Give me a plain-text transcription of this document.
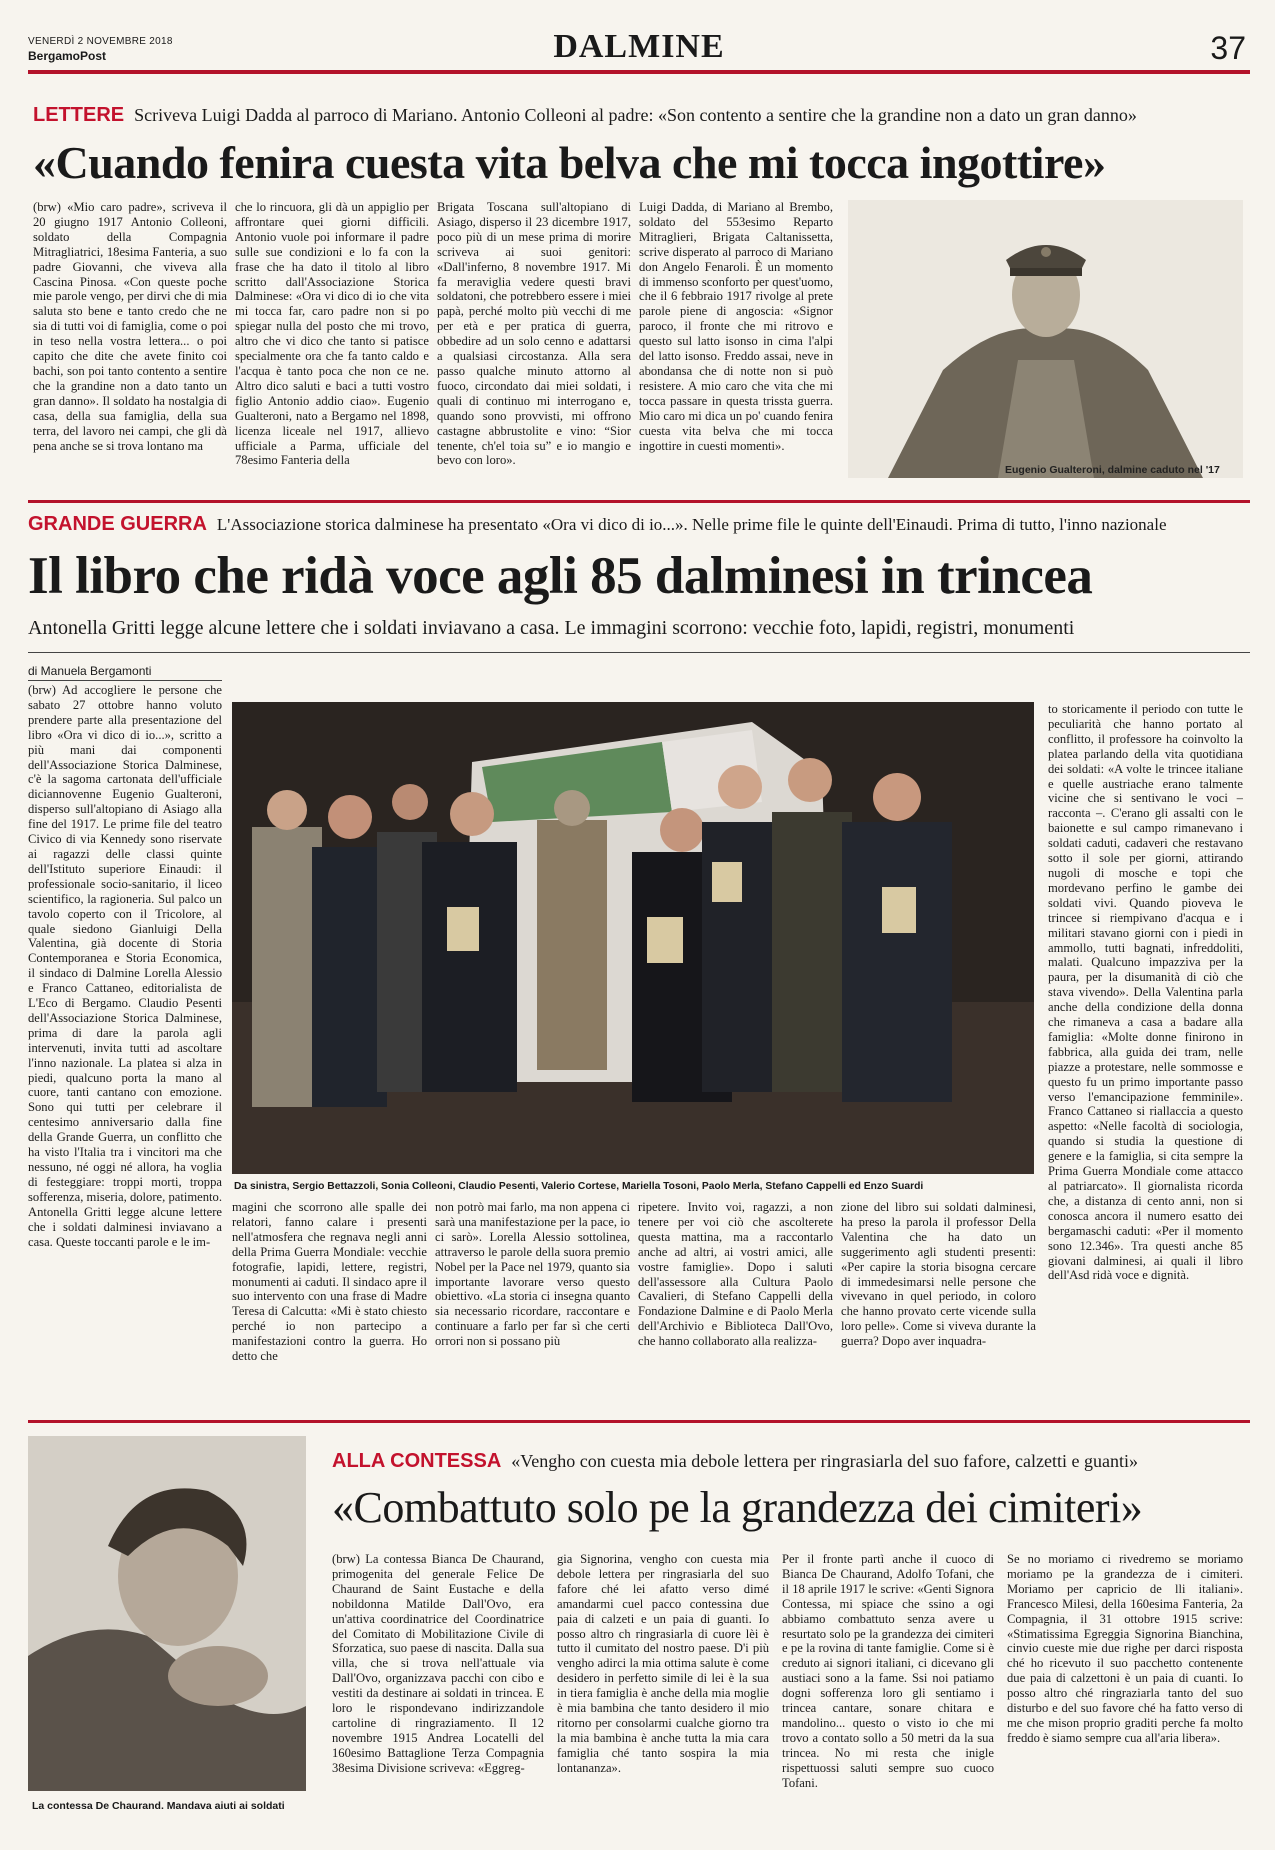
VENERDÌ 2 NOVEMBRE 2018
BergamoPost	DALMINE	37
LETTERE Scriveva Luigi Dadda al parroco di Mariano. Antonio Colleoni al padre: «Son contento a sentire che la grandine non a dato un gran danno»
«Cuando fenira cuesta vita belva che mi tocca ingottire»
(brw) «Mio caro padre», scriveva il 20 giugno 1917 Antonio Colleoni, soldato della Compagnia Mitragliatrici, 18esima Fanteria, a suo padre Giovanni, che viveva alla Cascina Pinosa. «Con queste poche mie parole vengo, per dirvi che di mia saluta sto bene e tanto credo che ne sia di tutti voi di famiglia, come o poi in teso nella vostra lettera... o poi capito che dite che avete finito coi bachi, son poi tanto contento a sentire che la grandine non a dato tanto un gran danno». Il soldato ha nostalgia di casa, della sua famiglia, della sua terra, del lavoro nei campi, che gli dà pena anche se si trova lontano ma
che lo rincuora, gli dà un appiglio per affrontare quei giorni difficili. Antonio vuole poi informare il padre sulle sue condizioni e lo fa con la frase che ha dato il titolo al libro scritto dall'Associazione Storica Dalminese: «Ora vi dico di io che vita mi tocca far, caro padre non si po spiegar nulla del posto che mi trovo, altro che vi dico che tanto si patisce specialmente ora che fa tanto caldo e l'acqua è tanto poca che non ce ne. Altro dico saluti e baci a tutti vostro figlio Antonio addio ciao». Eugenio Gualteroni, nato a Bergamo nel 1898, licenza liceale nel 1917, allievo ufficiale a Parma, ufficiale del 78esimo Fanteria della
Brigata Toscana sull'altopiano di Asiago, disperso il 23 dicembre 1917, poco più di un mese prima di morire scriveva ai suoi genitori: «Dall'inferno, 8 novembre 1917. Mi fa meraviglia vedere questi bravi soldatoni, che potrebbero essere i miei papà, perché molto più vecchi di me per età e per pratica di guerra, obbedire ad un solo cenno e adattarsi a qualsiasi circostanza. Alla sera passo qualche minuto attorno al fuoco, circondato dai miei soldati, i quali di continuo mi interrogano e, quando sono provvisti, mi offrono castagne abbrustolite e vino: “Sior tenente, ch'el toia su” e io mangio e bevo con loro».
Luigi Dadda, di Mariano al Brembo, soldato del 553esimo Reparto Mitraglieri, Brigata Caltanissetta, scrive disperato al parroco di Mariano don Angelo Fenaroli. È un momento di immenso sconforto per quest'uomo, che il 6 febbraio 1917 rivolge al prete parole piene di angoscia: «Signor paroco, il fronte che mi ritrovo e questo sul latto isonso in cima l'alpi del latto isonso. Freddo assai, neve in abondansa che di notte non si può resistere. A mio caro che vita che mi tocca passare in questa trissta guerra. Mio caro mi dica un po' cuando fenira cuesta vita belva che mi tocca ingottire in cuesti momenti».
Eugenio Gualteroni, dalmine caduto nel '17
GRANDE GUERRA L'Associazione storica dalminese ha presentato «Ora vi dico di io...». Nelle prime file le quinte dell'Einaudi. Prima di tutto, l'inno nazionale
Il libro che ridà voce agli 85 dalminesi in trincea
Antonella Gritti legge alcune lettere che i soldati inviavano a casa. Le immagini scorrono: vecchie foto, lapidi, registri, monumenti
di Manuela Bergamonti
(brw) Ad accogliere le persone che sabato 27 ottobre hanno voluto prendere parte alla presentazione del libro «Ora vi dico di io...», scritto a più mani dai componenti dell'Associazione Storica Dalminese, c'è la sagoma cartonata dell'ufficiale diciannovenne Eugenio Gualteroni, disperso sull'altopiano di Asiago alla fine del 1917. Le prime file del teatro Civico di via Kennedy sono riservate ai ragazzi delle classi quinte dell'Istituto superiore Einaudi: il professionale socio-sanitario, il liceo scientifico, la ragioneria. Sul palco un tavolo coperto con il Tricolore, al quale siedono Gianluigi Della Valentina, già docente di Storia Contemporanea e Storia Economica, il sindaco di Dalmine Lorella Alessio e Franco Cattaneo, editorialista de L'Eco di Bergamo. Claudio Pesenti dell'Associazione Storica Dalminese, prima di dare la parola agli intervenuti, invita tutti ad ascoltare l'inno nazionale. La platea si alza in piedi, qualcuno porta la mano al cuore, tanti cantano con emozione. Sono qui tutti per celebrare il centesimo anniversario dalla fine della Grande Guerra, un conflitto che ha visto l'Italia tra i vincitori ma che nessuno, né oggi né allora, ha voglia di festeggiare: troppi morti, troppa sofferenza, miseria, dolore, patimento. Antonella Gritti legge alcune lettere che i soldati dalminesi inviavano a casa. Queste toccanti parole e le im-
Da sinistra, Sergio Bettazzoli, Sonia Colleoni, Claudio Pesenti, Valerio Cortese, Mariella Tosoni, Paolo Merla, Stefano Cappelli ed Enzo Suardi
to storicamente il periodo con tutte le peculiarità che hanno portato al conflitto, il professore ha coinvolto la platea parlando della vita quotidiana dei soldati: «A volte le trincee italiane e quelle austriache erano talmente vicine che si sentivano le voci – racconta –. C'erano gli assalti con le baionette e sul campo rimanevano i soldati caduti, cadaveri che restavano sotto il sole per giorni, attirando nugoli di mosche e topi che mordevano perfino le gambe dei soldati vivi. Quando pioveva le trincee si riempivano d'acqua e i militari stavano giorni con i piedi in ammollo, tutti bagnati, infreddoliti, malati. Qualcuno impazziva per la paura, per la disumanità di ciò che stava vivendo». Della Valentina parla anche della condizione della donna che rimaneva a casa a badare alla famiglia: «Molte donne finirono in fabbrica, alla guida dei tram, nelle piazze a protestare, nelle sommosse e questo fu un primo importante passo verso l'emancipazione femminile». Franco Cattaneo si riallaccia a questo aspetto: «Nelle facoltà di sociologia, quando si studia la questione di genere e la famiglia, si cita sempre la Prima Guerra Mondiale come attacco al patriarcato». Il giornalista ricorda che, a distanza di cento anni, non si conosca ancora il numero esatto dei bergamaschi caduti: «Per il momento sono 12.346». Tra questi anche 85 giovani dalminesi, ai quali il libro dell'Asd ridà voce e dignità.
magini che scorrono alle spalle dei relatori, fanno calare i presenti nell'atmosfera che regnava negli anni della Prima Guerra Mondiale: vecchie fotografie, lapidi, lettere, registri, monumenti ai caduti. Il sindaco apre il suo intervento con una frase di Madre Teresa di Calcutta: «Mi è stato chiesto perché io non partecipo a manifestazioni contro la guerra. Ho detto che
non potrò mai farlo, ma non appena ci sarà una manifestazione per la pace, io ci sarò». Lorella Alessio sottolinea, attraverso le parole della suora premio Nobel per la Pace nel 1979, quanto sia importante lavorare verso questo obiettivo. «La storia ci insegna quanto sia necessario ricordare, raccontare e continuare a farlo per far sì che certi orrori non si possano più
ripetere. Invito voi, ragazzi, a non tenere per voi ciò che ascolterete questa mattina, ma a raccontarlo anche ad altri, ai vostri amici, alle vostre famiglie». Dopo i saluti dell'assessore alla Cultura Paolo Cavalieri, di Stefano Cappelli della Fondazione Dalmine e di Paolo Merla dell'Archivio e Biblioteca Dall'Ovo, che hanno collaborato alla realizza-
zione del libro sui soldati dalminesi, ha preso la parola il professor Della Valentina che ha dato un suggerimento agli studenti presenti: «Per capire la storia bisogna cercare di immedesimarsi nelle persone che vivevano in quel periodo, in coloro che hanno provato certe vicende sulla loro pelle». Come si viveva durante la guerra? Dopo aver inquadra-
La contessa De Chaurand. Mandava aiuti ai soldati
ALLA CONTESSA «Vengho con cuesta mia debole lettera per ringrasiarla del suo fafore, calzetti e guanti»
«Combattuto solo pe la grandezza dei cimiteri»
(brw) La contessa Bianca De Chaurand, primogenita del generale Felice De Chaurand de Saint Eustache e della nobildonna Matilde Dall'Ovo, era un'attiva coordinatrice del Coordinatrice del Comitato di Mobilitazione Civile di Sforzatica, suo paese di nascita. Dalla sua villa, che si trova nell'attuale via Dall'Ovo, organizzava pacchi con cibo e vestiti da destinare ai soldati in trincea. E loro le rispondevano indirizzandole cartoline di ringraziamento. Il 12 novembre 1915 Andrea Locatelli del 160esimo Battaglione Terza Compagnia 38esima Divisione scriveva: «Eggreg-
gia Signorina, vengho con cuesta mia debole lettera per ringrasiarla del suo fafore ché lei afatto verso dimé amandarmi cuel pacco contessina due paia di calzeti e un paia di guanti. Io posso altro ch ringrasiarla di cuore lèi è tutto il cumitato del nostro paese. D'i più vengho adirci la mia ottima salute è come desidero in perfetto simile di lei è la sua in tiera famiglia è anche della mia moglie è mia bambina che tanto desidero il mio ritorno per consolarmi cualche giorno tra la mia bambina è anche tutta la mia cara famiglia ché tanto sospira la mia lontananza».
Per il fronte partì anche il cuoco di Bianca De Chaurand, Adolfo Tofani, che il 18 aprile 1917 le scrive: «Genti Signora Contessa, mi spiace che ssino a ogi abbiamo combattuto senza avere u resurtato solo pe la grandezza dei cimiteri e pe la rovina di tante famiglie. Come si è creduto ai signori italiani, ci dicevano gli austiaci sono a la fame. Ssi noi patiamo dogni sofferenza loro gli sentiamo i trincea cantare, sonare chitara e mandolino... questo o visto io che mi trovo a contato sollo a 50 metri da la sua trincea. No mi resta che inigle rispettuossi saluti sempre suo cuoco Tofani.
Se no moriamo ci rivedremo se moriamo moriamo pe la grandezza de i cimiteri. Moriamo per capricio de lli italiani». Francesco Milesi, della 160esima Fanteria, 2a Compagnia, il 31 ottobre 1915 scrive: «Stimatissima Egreggia Signorina Bianchina, cinvio cueste mie due righe per darci risposta ché ho ricevuto il suo pacchetto contenente due paia di calzettoni è un paia di cuanti. Io posso altro ché ringraziarla tanto del suo disturbo e del suo favore ché ha fatto verso di me che mison proprio graditi perche fa molto freddo è siamo sempre cua all'aria libera».
